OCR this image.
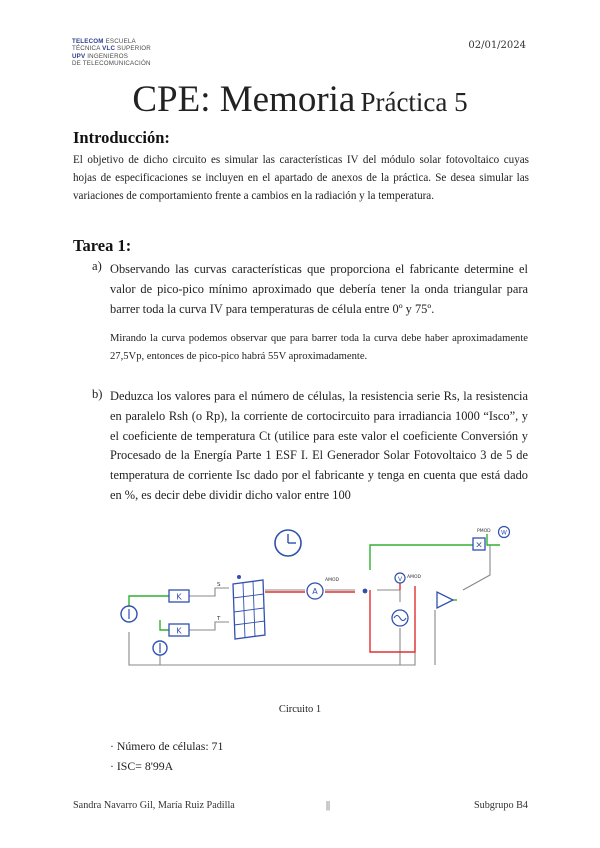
TELECOM ESCUELA
TÉCNICA VLC SUPERIOR
UPV INGENIEROS
DE TELECOMUNICACIÓN
02/01/2024
CPE: Memoria Práctica 5
Introducción:
El objetivo de dicho circuito es simular las características IV del módulo solar fotovoltaico cuyas hojas de especificaciones se incluyen en el apartado de anexos de la práctica. Se desea simular las variaciones de comportamiento frente a cambios en la radiación y la temperatura.
Tarea 1:
a) Observando las curvas características que proporciona el fabricante determine el valor de pico-pico mínimo aproximado que debería tener la onda triangular para barrer toda la curva IV para temperaturas de célula entre 0º y 75º.
Mirando la curva podemos observar que para barrer toda la curva debe haber aproximadamente 27,5Vp, entonces de pico-pico habrá 55V aproximadamente.
b) Deduzca los valores para el número de células, la resistencia serie Rs, la resistencia en paralelo Rsh (o Rp), la corriente de cortocircuito para irradiancia 1000 “Isco”, y el coeficiente de temperatura Ct (utilice para este valor el coeficiente Conversión y Procesado de la Energía Parte 1 ESF I. El Generador Solar Fotovoltaico 3 de 5 de temperatura de corriente Isc dado por el fabricante y tenga en cuenta que está dado en %, es decir debe dividir dicho valor entre 100
K
K
S
T
A
AMOD	V AMOD
×
W
PMOD
Circuito 1
· Número de células: 71
· ISC= 8'99A
Sandra Navarro Gil, María Ruiz Padilla	||	Subgrupo B4
